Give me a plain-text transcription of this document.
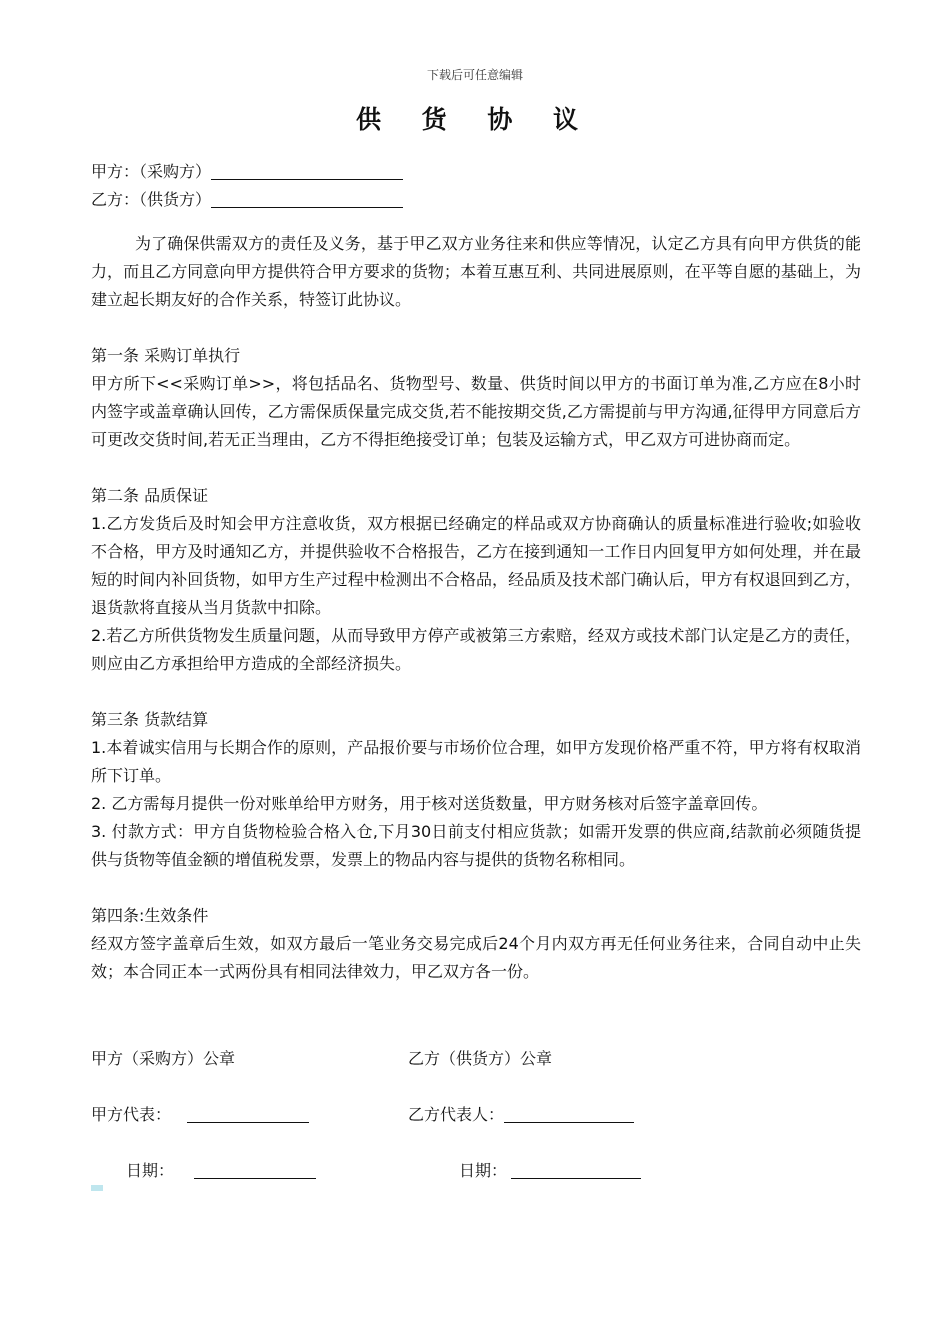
下载后可任意编辑
供 货 协 议
甲方：（采购方）
乙方：（供货方）

为了确保供需双方的责任及义务，基于甲乙双方业务往来和供应等情况，认定乙方具有向甲方供货的能力，而且乙方同意向甲方提供符合甲方要求的货物；本着互惠互利、共同进展原则，在平等自愿的基础上，为建立起长期友好的合作关系，特签订此协议。

第一条 采购订单执行

甲方所下<<采购订单>>，将包括品名、货物型号、数量、供货时间以甲方的书面订单为准,乙方应在8小时内签字或盖章确认回传，乙方需保质保量完成交货,若不能按期交货,乙方需提前与甲方沟通,征得甲方同意后方可更改交货时间,若无正当理由，乙方不得拒绝接受订单；包装及运输方式，甲乙双方可进协商而定。

第二条 品质保证

1.乙方发货后及时知会甲方注意收货，双方根据已经确定的样品或双方协商确认的质量标准进行验收;如验收不合格，甲方及时通知乙方，并提供验收不合格报告，乙方在接到通知一工作日内回复甲方如何处理，并在最短的时间内补回货物，如甲方生产过程中检测出不合格品，经品质及技术部门确认后，甲方有权退回到乙方，退货款将直接从当月货款中扣除。

2.若乙方所供货物发生质量问题，从而导致甲方停产或被第三方索赔，经双方或技术部门认定是乙方的责任，则应由乙方承担给甲方造成的全部经济损失。

第三条 货款结算

1.本着诚实信用与长期合作的原则，产品报价要与市场价位合理，如甲方发现价格严重不符，甲方将有权取消所下订单。

2. 乙方需每月提供一份对账单给甲方财务，用于核对送货数量，甲方财务核对后签字盖章回传。

3. 付款方式：甲方自货物检验合格入仓,下月30日前支付相应货款；如需开发票的供应商,结款前必须随货提供与货物等值金额的增值税发票，发票上的物品内容与提供的货物名称相同。

第四条:生效条件

经双方签字盖章后生效，如双方最后一笔业务交易完成后24个月内双方再无任何业务往来，合同自动中止失效；本合同正本一式两份具有相同法律效力，甲乙双方各一份。

甲方（采购方）公章	乙方（供货方）公章
甲方代表：	乙方代表人：
日期：	日期：
